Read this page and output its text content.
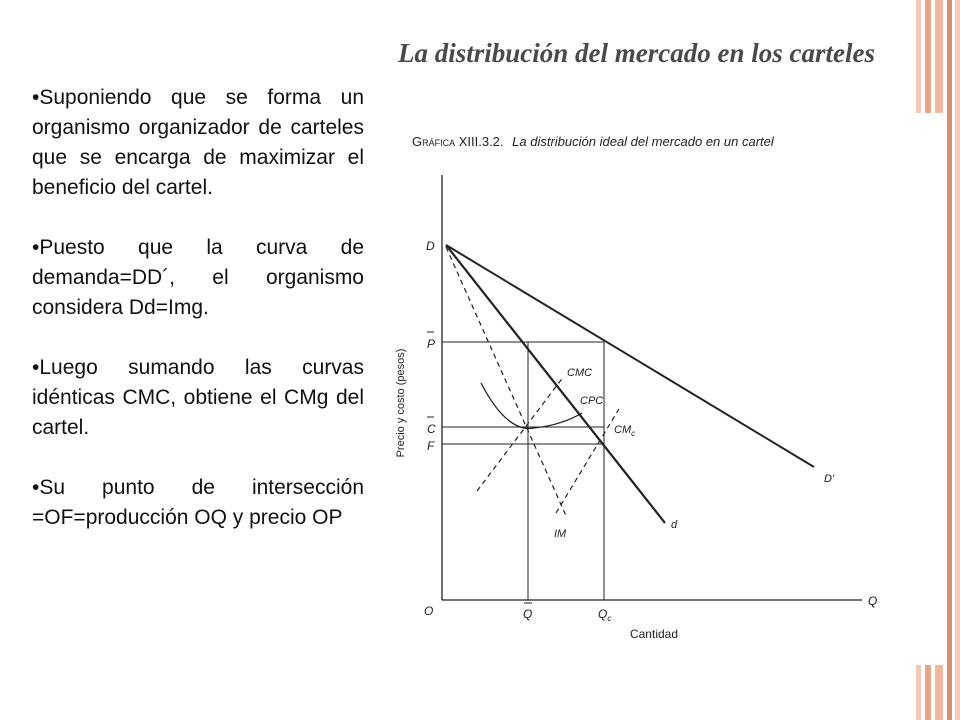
La distribución del mercado en los carteles
•Suponiendo que se forma un organismo organizador de carteles que se encarga de maximizar el beneficio del cartel.
•Puesto que la curva de demanda=DD´, el organismo considera Dd=Img.
•Luego sumando las curvas idénticas CMC, obtiene el CMg del cartel.
•Su punto de intersección =OF=producción OQ y precio OP
Gráfica XIII.3.2. La distribución ideal del mercado en un cartel
Precio y costo (pesos)
Cantidad
O
Q
D
P
C
F
D'
d
IM
CMC
CPC
$CM_c$
Q	$Q_c$
